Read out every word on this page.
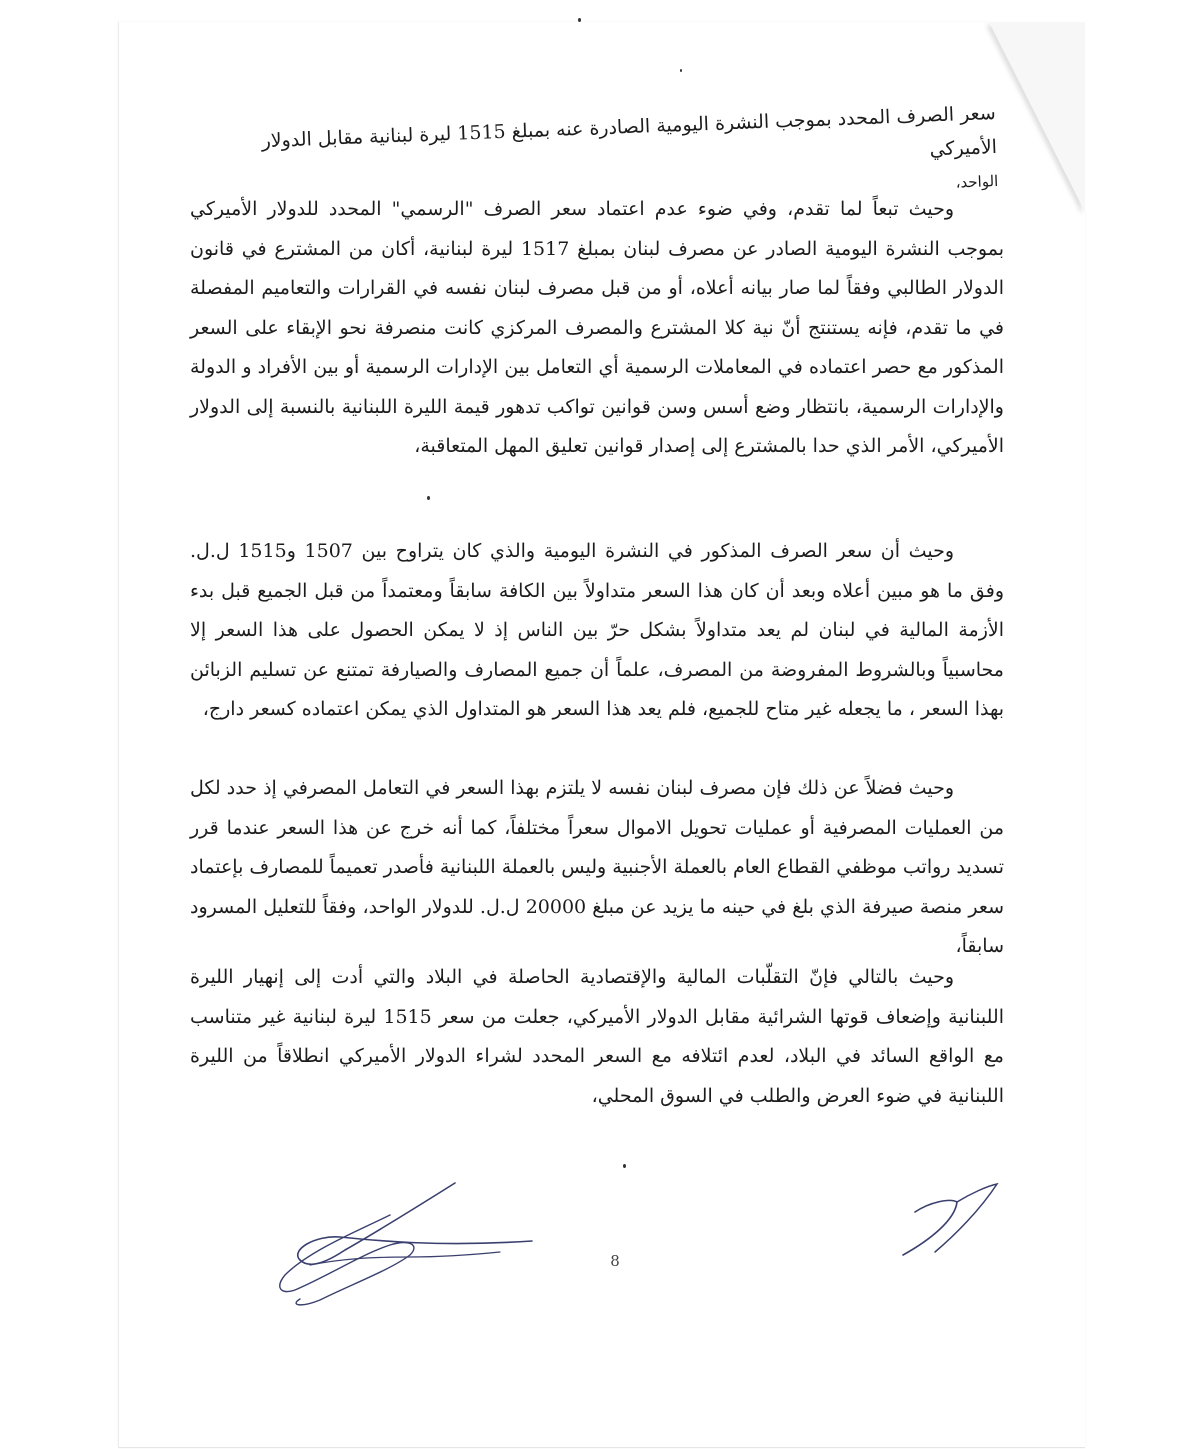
سعر الصرف المحدد بموجب النشرة اليومية الصادرة عنه بمبلغ 1515 ليرة لبنانية مقابل الدولار الأميركي
الواحد،

وحيث تبعاً لما تقدم، وفي ضوء عدم اعتماد سعر الصرف "الرسمي" المحدد للدولار الأميركي بموجب النشرة اليومية الصادر عن مصرف لبنان بمبلغ 1517 ليرة لبنانية، أكان من المشترع في قانون الدولار الطالبي وفقاً لما صار بيانه أعلاه، أو من قبل مصرف لبنان نفسه في القرارات والتعاميم المفصلة في ما تقدم، فإنه يستنتج أنّ نية كلا المشترع والمصرف المركزي كانت منصرفة نحو الإبقاء على السعر المذكور مع حصر اعتماده في المعاملات الرسمية أي التعامل بين الإدارات الرسمية أو بين الأفراد و الدولة والإدارات الرسمية، بانتظار وضع أسس وسن قوانين تواكب تدهور قيمة الليرة اللبنانية بالنسبة إلى الدولار الأميركي، الأمر الذي حدا بالمشترع إلى إصدار قوانين تعليق المهل المتعاقبة،

وحيث أن سعر الصرف المذكور في النشرة اليومية والذي كان يتراوح بين 1507 و1515 ل.ل. وفق ما هو مبين أعلاه وبعد أن كان هذا السعر متداولاً بين الكافة سابقاً ومعتمداً من قبل الجميع قبل بدء الأزمة المالية في لبنان لم يعد متداولاً بشكل حرّ بين الناس إذ لا يمكن الحصول على هذا السعر إلا محاسبياً وبالشروط المفروضة من المصرف، علماً أن جميع المصارف والصيارفة تمتنع عن تسليم الزبائن بهذا السعر ، ما يجعله غير متاح للجميع، فلم يعد هذا السعر هو المتداول الذي يمكن اعتماده كسعر دارج،

وحيث فضلاً عن ذلك فإن مصرف لبنان نفسه لا يلتزم بهذا السعر في التعامل المصرفي إذ حدد لكل من العمليات المصرفية أو عمليات تحويل الاموال سعراً مختلفاً، كما أنه خرج عن هذا السعر عندما قرر تسديد رواتب موظفي القطاع العام بالعملة الأجنبية وليس بالعملة اللبنانية فأصدر تعميماً للمصارف بإعتماد سعر منصة صيرفة الذي بلغ في حينه ما يزيد عن مبلغ 20000 ل.ل. للدولار الواحد، وفقاً للتعليل المسرود سابقاً،

وحيث بالتالي فإنّ التقلّبات المالية والإقتصادية الحاصلة في البلاد والتي أدت إلى إنهيار الليرة اللبنانية وإضعاف قوتها الشرائية مقابل الدولار الأميركي، جعلت من سعر 1515 ليرة لبنانية غير متناسب مع الواقع السائد في البلاد، لعدم ائتلافه مع السعر المحدد لشراء الدولار الأميركي انطلاقاً من الليرة اللبنانية في ضوء العرض والطلب في السوق المحلي،

8
